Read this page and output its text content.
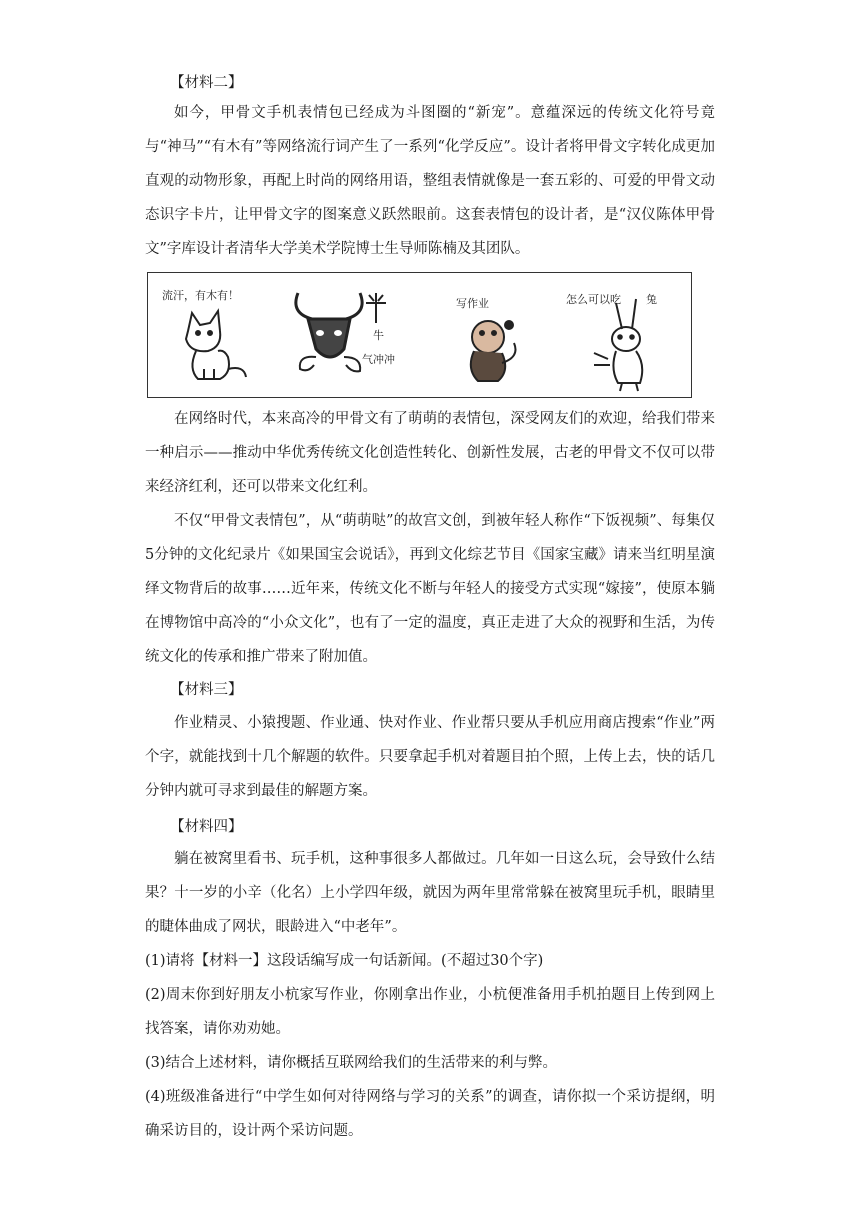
【材料二】

如今，甲骨文手机表情包已经成为斗图圈的“新宠”。意蕴深远的传统文化符号竟与“神马”“有木有”等网络流行词产生了一系列“化学反应”。设计者将甲骨文字转化成更加直观的动物形象，再配上时尚的网络用语，整组表情就像是一套五彩的、可爱的甲骨文动态识字卡片，让甲骨文字的图案意义跃然眼前。这套表情包的设计者，是“汉仪陈体甲骨文”字库设计者清华大学美术学院博士生导师陈楠及其团队。

流汗，有木有！
牛
气冲冲
写作业	怎么可以吃 兔

在网络时代，本来高冷的甲骨文有了萌萌的表情包，深受网友们的欢迎，给我们带来一种启示——推动中华优秀传统文化创造性转化、创新性发展，古老的甲骨文不仅可以带来经济红利，还可以带来文化红利。

不仅“甲骨文表情包”，从“萌萌哒”的故宫文创，到被年轻人称作“下饭视频”、每集仅5分钟的文化纪录片《如果国宝会说话》，再到文化综艺节目《国家宝藏》请来当红明星演绎文物背后的故事……近年来，传统文化不断与年轻人的接受方式实现“嫁接”，使原本躺在博物馆中高冷的“小众文化”，也有了一定的温度，真正走进了大众的视野和生活，为传统文化的传承和推广带来了附加值。

【材料三】

作业精灵、小猿搜题、作业通、快对作业、作业帮只要从手机应用商店搜索“作业”两个字，就能找到十几个解题的软件。只要拿起手机对着题目拍个照，上传上去，快的话几分钟内就可寻求到最佳的解题方案。

【材料四】

躺在被窝里看书、玩手机，这种事很多人都做过。几年如一日这么玩，会导致什么结果？十一岁的小辛（化名）上小学四年级，就因为两年里常常躲在被窝里玩手机，眼睛里的睫体曲成了网状，眼龄进入“中老年”。

(1)请将【材料一】这段话编写成一句话新闻。(不超过30个字)

(2)周末你到好朋友小杭家写作业，你刚拿出作业，小杭便准备用手机拍题目上传到网上找答案，请你劝劝她。

(3)结合上述材料，请你概括互联网给我们的生活带来的利与弊。

(4)班级准备进行“中学生如何对待网络与学习的关系”的调查，请你拟一个采访提纲，明确采访目的，设计两个采访问题。
